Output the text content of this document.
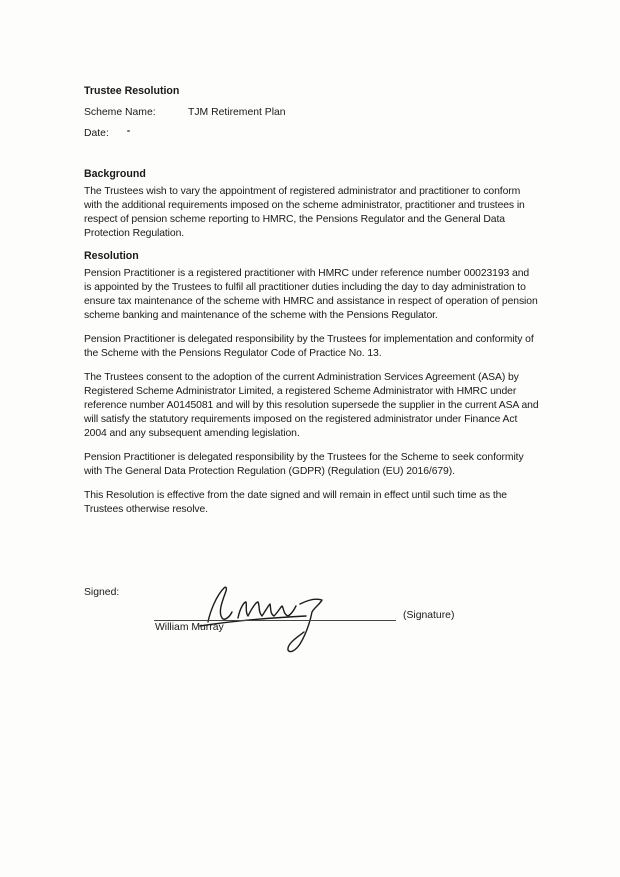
Trustee Resolution
Scheme Name:	TJM Retirement Plan
Date:
Background

The Trustees wish to vary the appointment of registered administrator and practitioner to conform with the additional requirements imposed on the scheme administrator, practitioner and trustees in respect of pension scheme reporting to HMRC, the Pensions Regulator and the General Data Protection Regulation.

Resolution

Pension Practitioner is a registered practitioner with HMRC under reference number 00023193 and is appointed by the Trustees to fulfil all practitioner duties including the day to day administration to ensure tax maintenance of the scheme with HMRC and assistance in respect of operation of pension scheme banking and maintenance of the scheme with the Pensions Regulator.

Pension Practitioner is delegated responsibility by the Trustees for implementation and conformity of the Scheme with the Pensions Regulator Code of Practice No. 13.

The Trustees consent to the adoption of the current Administration Services Agreement (ASA) by Registered Scheme Administrator Limited, a registered Scheme Administrator with HMRC under reference number A0145081 and will by this resolution supersede the supplier in the current ASA and will satisfy the statutory requirements imposed on the registered administrator under Finance Act 2004 and any subsequent amending legislation.

Pension Practitioner is delegated responsibility by the Trustees for the Scheme to seek conformity with The General Data Protection Regulation (GDPR) (Regulation (EU) 2016/679).

This Resolution is effective from the date signed and will remain in effect until such time as the Trustees otherwise resolve.

Signed:
William Murray
(Signature)
